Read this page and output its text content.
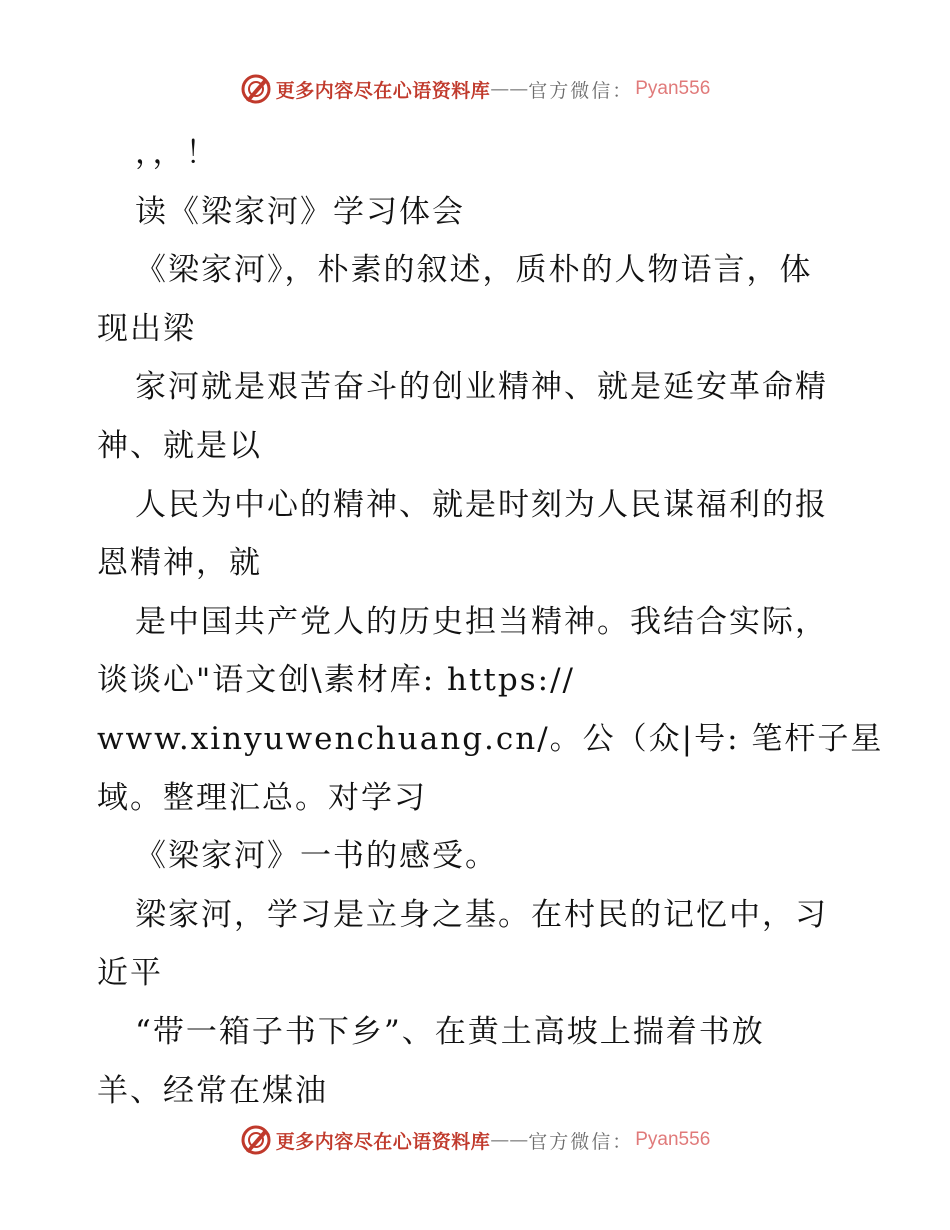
更多内容尽在心语资料库 —— 官方微信： Pyan556
，，！
读《梁家河》学习体会
《梁家河》，朴素的叙述，质朴的人物语言，体
现出梁
家河就是艰苦奋斗的创业精神、就是延安革命精
神、就是以
人民为中心的精神、就是时刻为人民谋福利的报
恩精神，就
是中国共产党人的历史担当精神。我结合实际，
谈谈心"语文创\素材库: https://
www.xinyuwenchuang.cn/。公（众|号: 笔杆子星
域。整理汇总。对学习
《梁家河》一书的感受。
梁家河，学习是立身之基。在村民的记忆中，习
近平
“带一箱子书下乡”、在黄土高坡上揣着书放
羊、经常在煤油
更多内容尽在心语资料库 —— 官方微信： Pyan556
